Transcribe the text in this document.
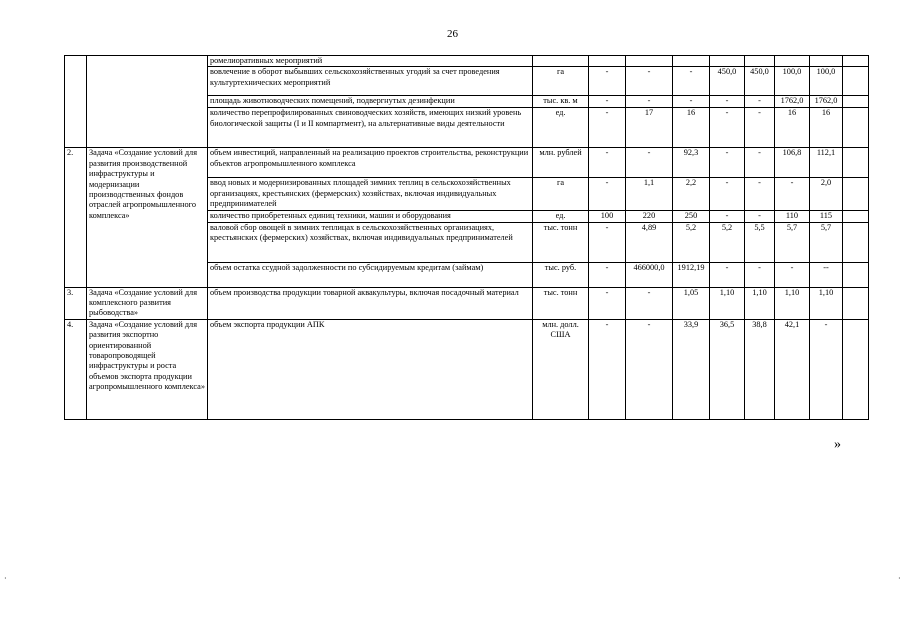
26
		ромелиоративных мероприятий									
		вовлечение в оборот выбывших сельскохозяйственных угодий за счет проведения культуртехнических мероприятий	га	-	-	-	450,0	450,0	100,0	100,0	
		площадь животноводческих помещений, подвергнутых дезинфекции	тыс. кв. м	-	-	-	-	-	1762,0	1762,0	
		количество перепрофилированных свиноводческих хозяйств, имеющих низкий уровень биологической защиты (I и II компартмент), на альтернативные виды деятельности	ед.	-	17	16	-	-	16	16	
2.	Задача «Создание условий для развития производственной инфраструктуры и модернизации производственных фондов отраслей агропромышленного комплекса»	объем инвестиций, направленный на реализацию проектов строительства, реконструкции объектов агропромышленного комплекса	млн. рублей	-	-	92,3	-	-	106,8	112,1	
		ввод новых и модернизированных площадей зимних теплиц в сельскохозяйственных организациях, крестьянских (фермерских) хозяйствах, включая индивидуальных предпринимателей	га	-	1,1	2,2	-	-	-	2,0	
		количество приобретенных единиц техники, машин и оборудования	ед.	100	220	250	-	-	110	115	
		валовой сбор овощей в зимних теплицах в сельскохозяйственных организациях, крестьянских (фермерских) хозяйствах, включая индивидуальных предпринимателей	тыс. тонн	-	4,89	5,2	5,2	5,5	5,7	5,7	
		объем остатка ссудной задолженности по субсидируемым кредитам (займам)	тыс. руб.	-	466000,0	1912,19	-	-	-	--	
3.	Задача «Создание условий для комплексного развития рыбоводства»	объем производства продукции товарной аквакультуры, включая посадочный материал	тыс. тонн	-	-	1,05	1,10	1,10	1,10	1,10	
4.	Задача «Создание условий для развития экспортно ориентированной товаропроводящей инфраструктуры и роста объемов экспорта продукции агропромышленного комплекса»	объем экспорта продукции АПК	млн. долл. США	-	-	33,9	36,5	38,8	42,1	-	
»
·	·
